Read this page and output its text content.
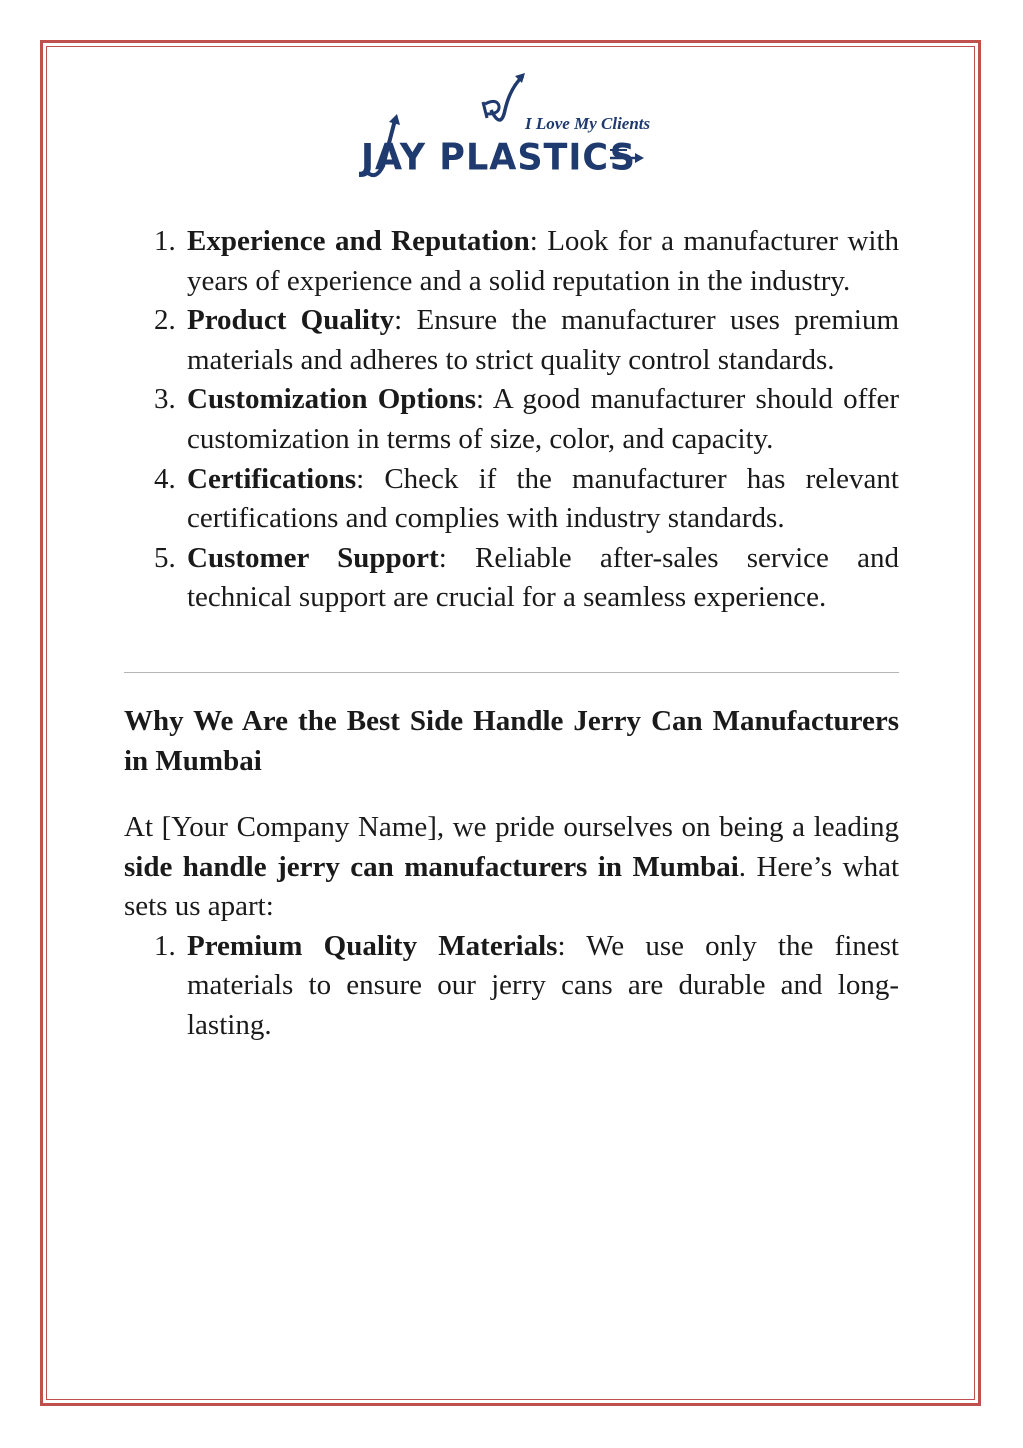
I Love My Clients
JAY PLASTICS
1. Experience and Reputation: Look for a manufacturer with years of experience and a solid reputation in the industry.
2. Product Quality: Ensure the manufacturer uses premium materials and adheres to strict quality control standards.
3. Customization Options: A good manufacturer should offer customization in terms of size, color, and capacity.
4. Certifications: Check if the manufacturer has relevant certifications and complies with industry standards.
5. Customer Support: Reliable after-sales service and technical support are crucial for a seamless experience.
Why We Are the Best Side Handle Jerry Can Manufacturers in Mumbai
At [Your Company Name], we pride ourselves on being a leading side handle jerry can manufacturers in Mumbai. Here’s what sets us apart:
1. Premium Quality Materials: We use only the finest materials to ensure our jerry cans are durable and long-lasting.
